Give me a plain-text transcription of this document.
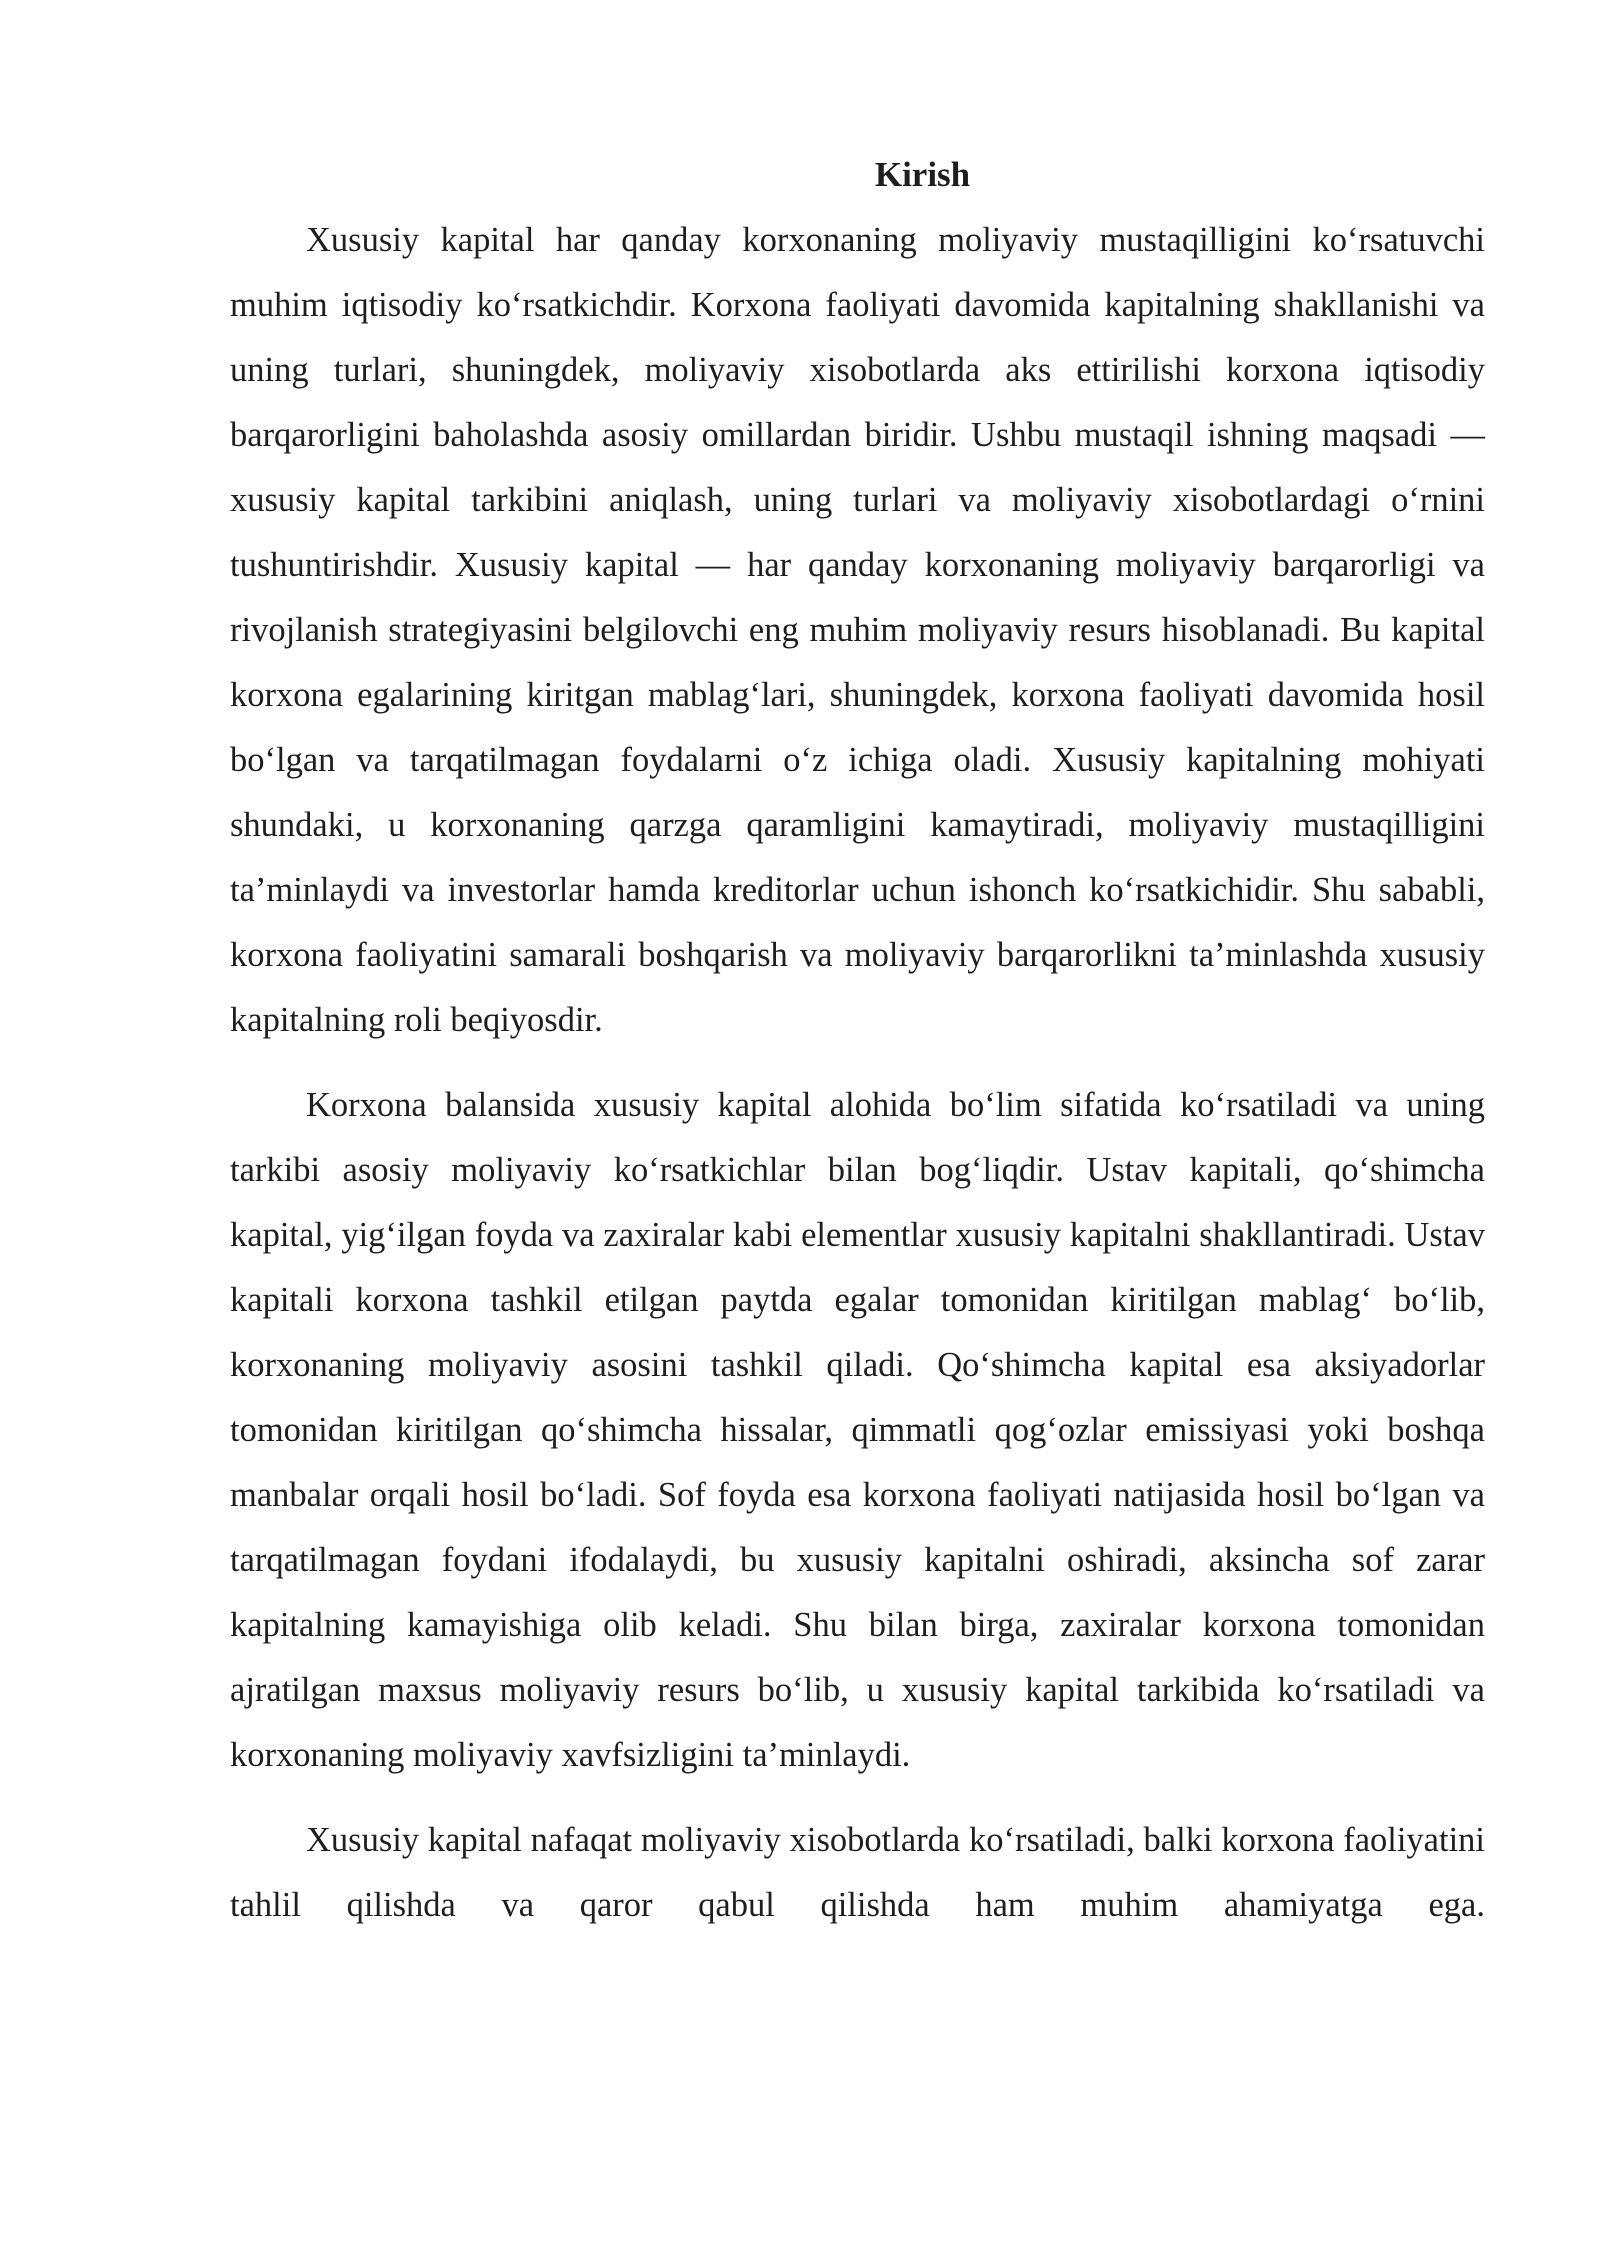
Kirish

Xususiy kapital har qanday korxonaning moliyaviy mustaqilligini ko‘rsatuvchi muhim iqtisodiy ko‘rsatkichdir. Korxona faoliyati davomida kapitalning shakllanishi va uning turlari, shuningdek, moliyaviy xisobotlarda aks ettirilishi korxona iqtisodiy barqarorligini baholashda asosiy omillardan biridir. Ushbu mustaqil ishning maqsadi — xususiy kapital tarkibini aniqlash, uning turlari va moliyaviy xisobotlardagi o‘rnini tushuntirishdir. Xususiy kapital — har qanday korxonaning moliyaviy barqarorligi va rivojlanish strategiyasini belgilovchi eng muhim moliyaviy resurs hisoblanadi. Bu kapital korxona egalarining kiritgan mablag‘lari, shuningdek, korxona faoliyati davomida hosil bo‘lgan va tarqatilmagan foydalarni o‘z ichiga oladi. Xususiy kapitalning mohiyati shundaki, u korxonaning qarzga qaramligini kamaytiradi, moliyaviy mustaqilligini ta’minlaydi va investorlar hamda kreditorlar uchun ishonch ko‘rsatkichidir. Shu sababli, korxona faoliyatini samarali boshqarish va moliyaviy barqarorlikni ta’minlashda xususiy kapitalning roli beqiyosdir.

Korxona balansida xususiy kapital alohida bo‘lim sifatida ko‘rsatiladi va uning tarkibi asosiy moliyaviy ko‘rsatkichlar bilan bog‘liqdir. Ustav kapitali, qo‘shimcha kapital, yig‘ilgan foyda va zaxiralar kabi elementlar xususiy kapitalni shakllantiradi. Ustav kapitali korxona tashkil etilgan paytda egalar tomonidan kiritilgan mablag‘ bo‘lib, korxonaning moliyaviy asosini tashkil qiladi. Qo‘shimcha kapital esa aksiyadorlar tomonidan kiritilgan qo‘shimcha hissalar, qimmatli qog‘ozlar emissiyasi yoki boshqa manbalar orqali hosil bo‘ladi. Sof foyda esa korxona faoliyati natijasida hosil bo‘lgan va tarqatilmagan foydani ifodalaydi, bu xususiy kapitalni oshiradi, aksincha sof zarar kapitalning kamayishiga olib keladi. Shu bilan birga, zaxiralar korxona tomonidan ajratilgan maxsus moliyaviy resurs bo‘lib, u xususiy kapital tarkibida ko‘rsatiladi va korxonaning moliyaviy xavfsizligini ta’minlaydi.

Xususiy kapital nafaqat moliyaviy xisobotlarda ko‘rsatiladi, balki korxona faoliyatini tahlil qilishda va qaror qabul qilishda ham muhim ahamiyatga ega.
